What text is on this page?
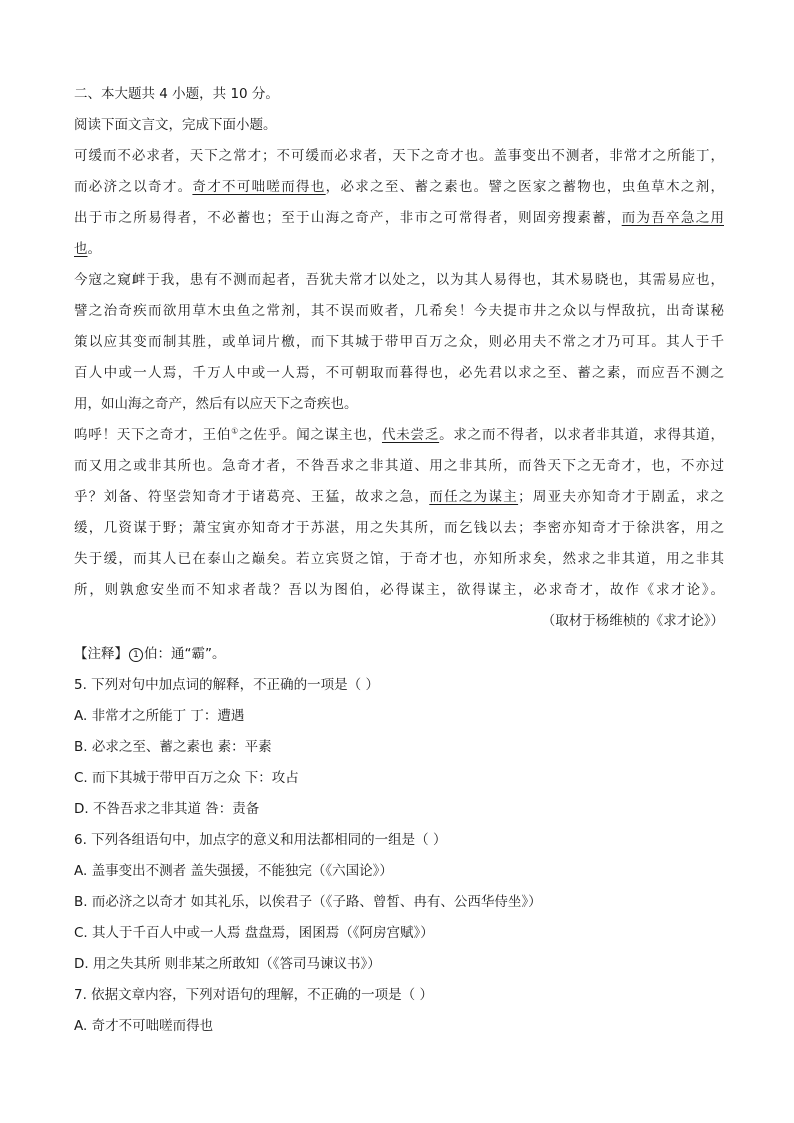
二、本大题共 4 小题，共 10 分。
阅读下面文言文，完成下面小题。
可缓而不必求者，天下之常才；不可缓而必求者，天下之奇才也。盖事变出不测者，非常才之所能丁，
而必济之以奇才。奇才不可咄嗟而得也，必求之至、蓄之素也。譬之医家之蓄物也，虫鱼草木之剂，
出于市之所易得者，不必蓄也；至于山海之奇产，非市之可常得者，则固旁搜素蓄，而为吾卒急之用
也。
今寇之窥衅于我，患有不测而起者，吾犹夫常才以处之，以为其人易得也，其术易晓也，其需易应也，
譬之治奇疾而欲用草木虫鱼之常剂，其不误而败者，几希矣！今夫提市井之众以与悍敌抗，出奇谋秘
策以应其变而制其胜，或单词片檄，而下其城于带甲百万之众，则必用夫不常之才乃可耳。其人于千
百人中或一人焉，千万人中或一人焉，不可朝取而暮得也，必先君以求之至、蓄之素，而应吾不测之
用，如山海之奇产，然后有以应天下之奇疾也。
呜呼！天下之奇才，王伯①之佐乎。闻之谋主也，代未尝乏。求之而不得者，以求者非其道，求得其道，
而又用之或非其所也。急奇才者，不咎吾求之非其道、用之非其所，而咎天下之无奇才，也，不亦过
乎？刘备、符坚尝知奇才于诸葛亮、王猛，故求之急，而任之为谋主；周亚夫亦知奇才于剧孟，求之
缓，几资谋于野；萧宝寅亦知奇才于苏湛，用之失其所，而乞钱以去；李密亦知奇才于徐洪客，用之
失于缓，而其人已在泰山之巅矣。若立宾贤之馆，于奇才也，亦知所求矣，然求之非其道，用之非其
所，则孰愈安坐而不知求者哉？吾以为图伯，必得谋主，欲得谋主，必求奇才，故作《求才论》。
（取材于杨维桢的《求才论》）
【注释】 1 伯：通“霸”。
5. 下列对句中加点词的解释，不正确的一项是（ ）
A. 非常才之所能丁 丁：遭遇
B. 必求之至、蓄之素也 素：平素
C. 而下其城于带甲百万之众 下：攻占
D. 不咎吾求之非其道 咎：责备
6. 下列各组语句中，加点字的意义和用法都相同的一组是（ ）
A. 盖事变出不测者 盖失强援，不能独完（《六国论》）
B. 而必济之以奇才 如其礼乐，以俟君子（《子路、曾皙、冉有、公西华侍坐》）
C. 其人于千百人中或一人焉 盘盘焉，囷囷焉（《阿房宫赋》）
D. 用之失其所 则非某之所敢知（《答司马谏议书》）
7. 依据文章内容，下列对语句的理解，不正确的一项是（ ）
A. 奇才不可咄嗟而得也
